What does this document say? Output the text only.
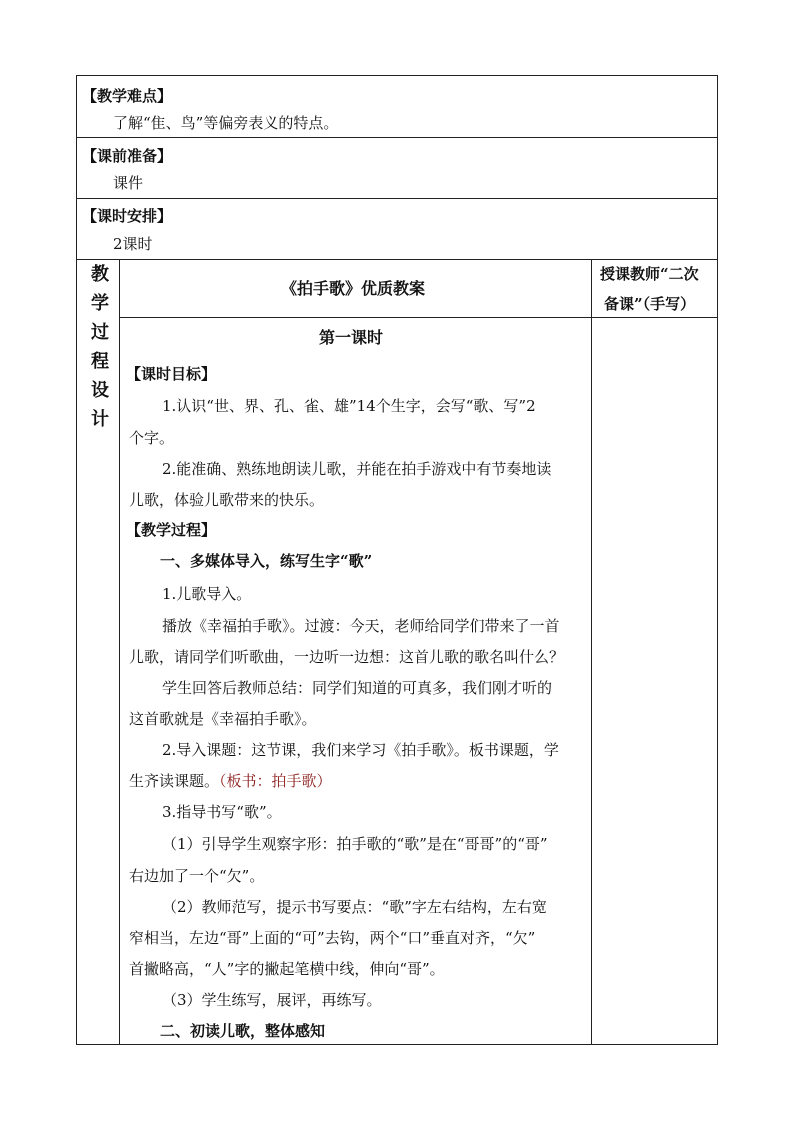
【教学难点】
了解“隹、鸟”等偏旁表义的特点。
【课前准备】
课件
【课时安排】
2课时
教
学
过
程
设
计
《拍手歌》优质教案
授课教师“二次
备课”（手写）
第一课时
【课时目标】
1.认识“世、界、孔、雀、雄”14个生字，会写“歌、写”2
个字。
2.能准确、熟练地朗读儿歌，并能在拍手游戏中有节奏地读
儿歌，体验儿歌带来的快乐。
【教学过程】
一、多媒体导入，练写生字“歌”
1.儿歌导入。
播放《幸福拍手歌》。过渡：今天，老师给同学们带来了一首
儿歌，请同学们听歌曲，一边听一边想：这首儿歌的歌名叫什么？
学生回答后教师总结：同学们知道的可真多，我们刚才听的
这首歌就是《幸福拍手歌》。
2.导入课题：这节课，我们来学习《拍手歌》。板书课题，学
生齐读课题。（板书：拍手歌）
3.指导书写“歌”。
（1）引导学生观察字形：拍手歌的“歌”是在“哥哥”的“哥”
右边加了一个“欠”。
（2）教师范写，提示书写要点：“歌”字左右结构，左右宽
窄相当，左边“哥”上面的“可”去钩，两个“口”垂直对齐，“欠”
首撇略高，“人”字的撇起笔横中线，伸向“哥”。
（3）学生练写，展评，再练写。
二、初读儿歌，整体感知
